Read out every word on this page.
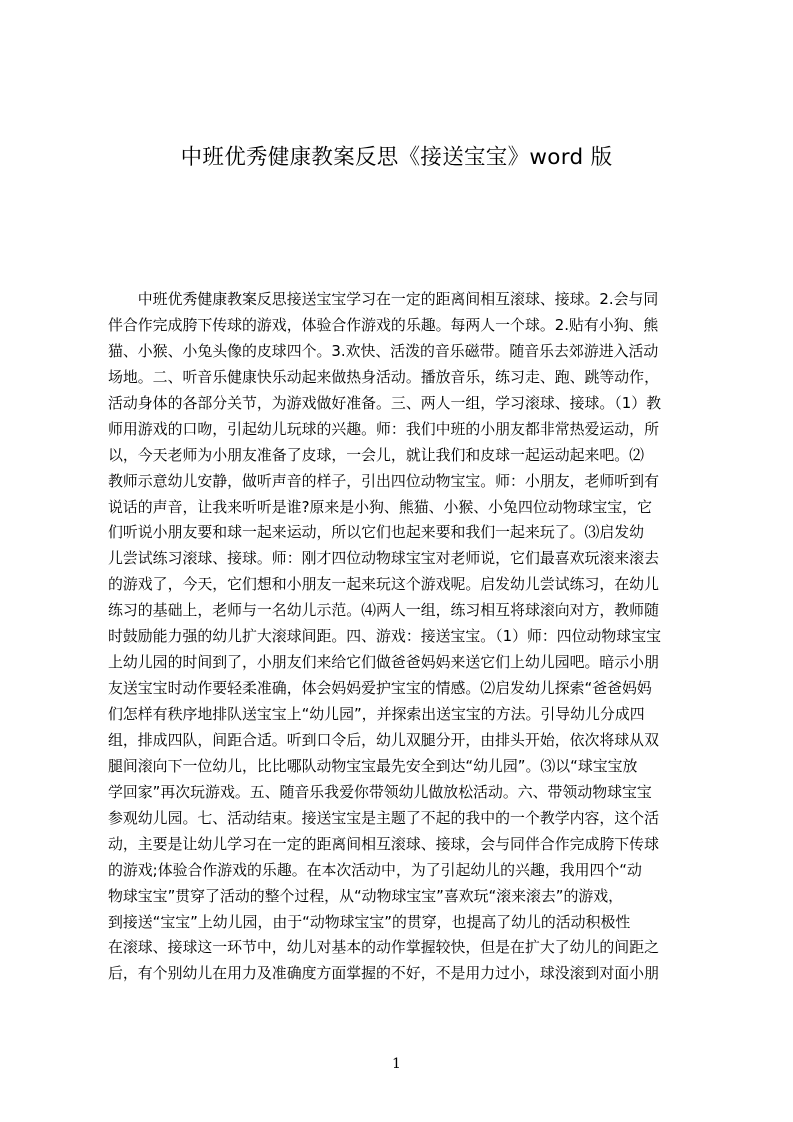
中班优秀健康教案反思《接送宝宝》word 版
　　中班优秀健康教案反思接送宝宝学习在一定的距离间相互滚球、接球。2.会与同
伴合作完成胯下传球的游戏，体验合作游戏的乐趣。每两人一个球。2.贴有小狗、熊
猫、小猴、小兔头像的皮球四个。3.欢快、活泼的音乐磁带。随音乐去郊游进入活动
场地。二、听音乐健康快乐动起来做热身活动。播放音乐，练习走、跑、跳等动作，
活动身体的各部分关节，为游戏做好准备。三、两人一组，学习滚球、接球。（1）教
师用游戏的口吻，引起幼儿玩球的兴趣。师：我们中班的小朋友都非常热爱运动，所
以，今天老师为小朋友准备了皮球，一会儿，就让我们和皮球一起运动起来吧。⑵
教师示意幼儿安静，做听声音的样子，引出四位动物宝宝。师：小朋友，老师听到有
说话的声音，让我来听听是谁?原来是小狗、熊猫、小猴、小兔四位动物球宝宝，它
们听说小朋友要和球一起来运动，所以它们也起来要和我们一起来玩了。⑶启发幼
儿尝试练习滚球、接球。师：刚才四位动物球宝宝对老师说，它们最喜欢玩滚来滚去
的游戏了，今天，它们想和小朋友一起来玩这个游戏呢。启发幼儿尝试练习，在幼儿
练习的基础上，老师与一名幼儿示范。⑷两人一组，练习相互将球滚向对方，教师随
时鼓励能力强的幼儿扩大滚球间距。四、游戏：接送宝宝。（1）师：四位动物球宝宝
上幼儿园的时间到了，小朋友们来给它们做爸爸妈妈来送它们上幼儿园吧。暗示小朋
友送宝宝时动作要轻柔准确，体会妈妈爱护宝宝的情感。⑵启发幼儿探索“爸爸妈妈
们怎样有秩序地排队送宝宝上“幼儿园”，并探索出送宝宝的方法。引导幼儿分成四
组，排成四队，间距合适。听到口令后，幼儿双腿分开，由排头开始，依次将球从双
腿间滚向下一位幼儿，比比哪队动物宝宝最先安全到达“幼儿园”。⑶以“球宝宝放
学回家”再次玩游戏。五、随音乐我爱你带领幼儿做放松活动。六、带领动物球宝宝
参观幼儿园。七、活动结束。接送宝宝是主题了不起的我中的一个教学内容，这个活
动，主要是让幼儿学习在一定的距离间相互滚球、接球，会与同伴合作完成胯下传球
的游戏;体验合作游戏的乐趣。在本次活动中，为了引起幼儿的兴趣，我用四个“动
物球宝宝”贯穿了活动的整个过程，从“动物球宝宝”喜欢玩“滚来滚去”的游戏，
到接送“宝宝”上幼儿园，由于“动物球宝宝”的贯穿，也提高了幼儿的活动积极性
在滚球、接球这一环节中，幼儿对基本的动作掌握较快，但是在扩大了幼儿的间距之
后，有个别幼儿在用力及准确度方面掌握的不好，不是用力过小，球没滚到对面小朋
1
